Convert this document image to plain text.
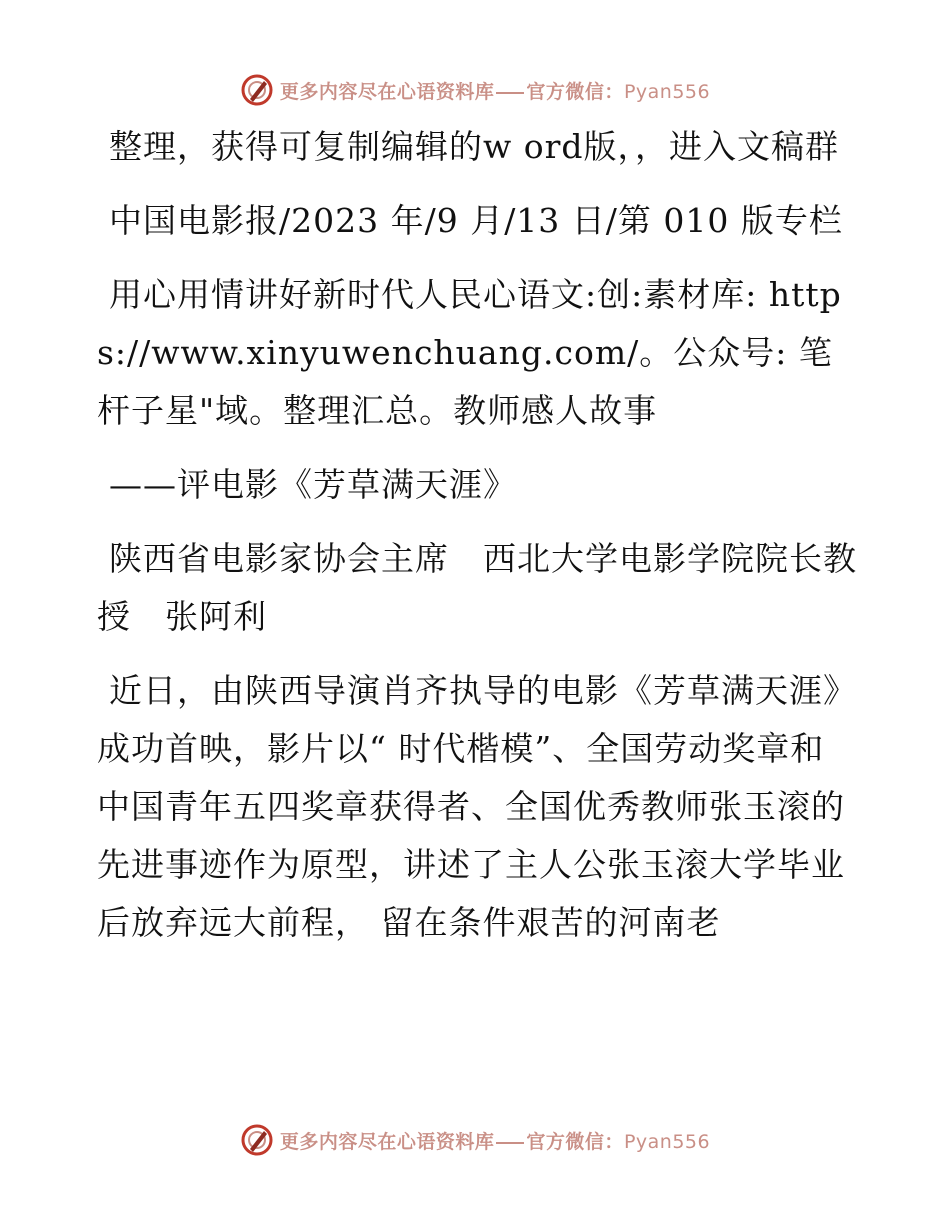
更多内容尽在心语资料库 官方微信：Pyan556

整理，获得可复制编辑的w ord版，，进入文稿群

中国电影报/2023 年/9 月/13 日/第 010 版专栏

用心用情讲好新时代人民心语文:创:素材库: https://www.xinyuwenchuang.com/。公众号: 笔杆子星"域。整理汇总。教师感人故事

——评电影《芳草满天涯》

陕西省电影家协会主席　西北大学电影学院院长教授　张阿利

近日，由陕西导演肖齐执导的电影《芳草满天涯》成功首映，影片以“ 时代楷模”、全国劳动奖章和中国青年五四奖章获得者、全国优秀教师张玉滚的先进事迹作为原型，讲述了主人公张玉滚大学毕业后放弃远大前程， 留在条件艰苦的河南老

更多内容尽在心语资料库 官方微信：Pyan556
